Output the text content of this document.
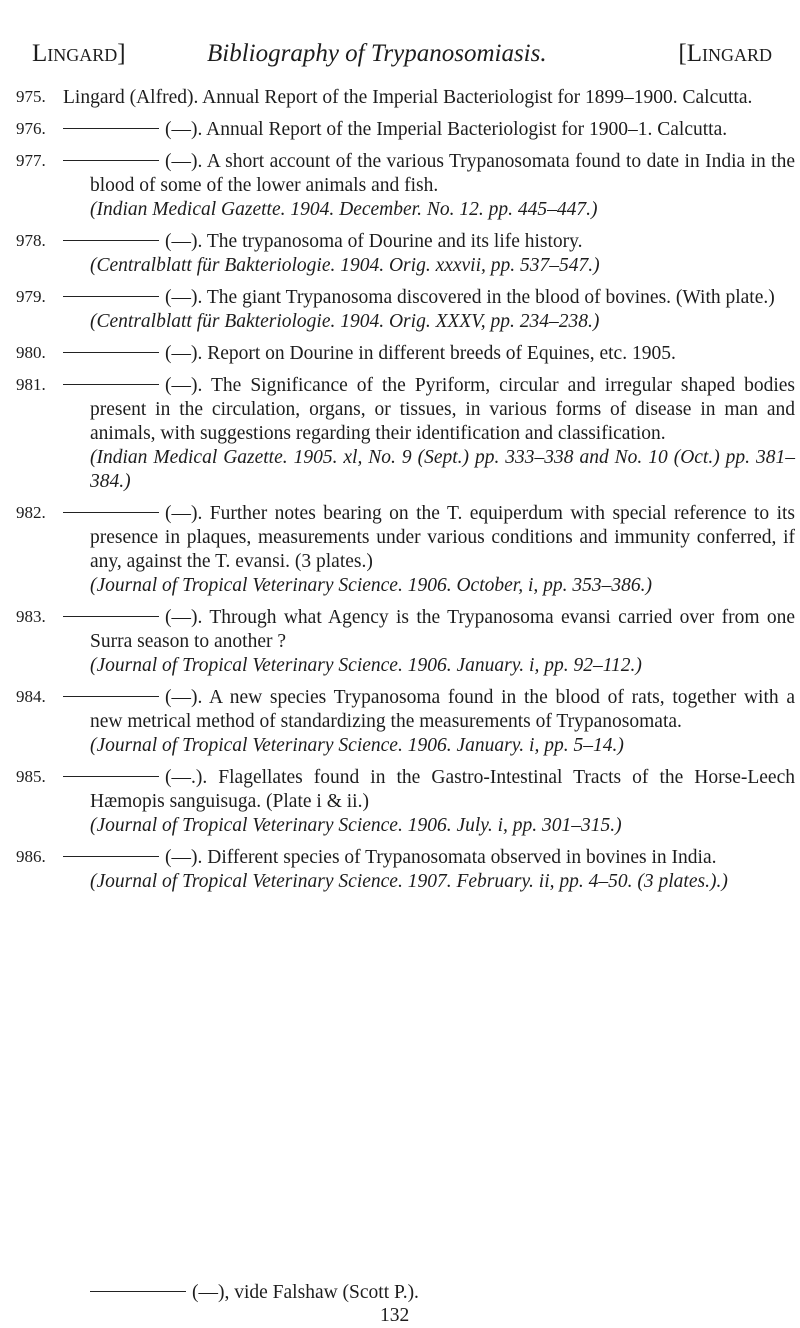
Lingard]	Bibliography of Trypanosomiasis.	[Lingard
975. Lingard (Alfred). Annual Report of the Imperial Bacteriologist for 1899–1900. Calcutta.
976.	(—). Annual Report of the Imperial Bacteriologist for 1900–1. Calcutta.
977.	(—). A short account of the various Trypanosomata found to date in India in the blood of some of the lower animals and fish.
(Indian Medical Gazette. 1904. December. No. 12. pp. 445–447.)
978.	(—). The trypanosoma of Dourine and its life history.
(Centralblatt für Bakteriologie. 1904. Orig. xxxvii, pp. 537–547.)
979.	(—). The giant Trypanosoma discovered in the blood of bovines. (With plate.)
(Centralblatt für Bakteriologie. 1904. Orig. XXXV, pp. 234–238.)
980.	(—). Report on Dourine in different breeds of Equines, etc. 1905.
981.	(—). The Significance of the Pyriform, circular and irregular shaped bodies present in the circulation, organs, or tissues, in various forms of disease in man and animals, with suggestions regarding their identification and classification.
(Indian Medical Gazette. 1905. xl, No. 9 (Sept.) pp. 333–338 and No. 10 (Oct.) pp. 381–384.)
982.	(—). Further notes bearing on the T. equiperdum with special reference to its presence in plaques, measurements under various conditions and immunity conferred, if any, against the T. evansi. (3 plates.)
(Journal of Tropical Veterinary Science. 1906. October, i, pp. 353–386.)
983.	(—). Through what Agency is the Trypanosoma evansi carried over from one Surra season to another ?
(Journal of Tropical Veterinary Science. 1906. January. i, pp. 92–112.)
984.	(—). A new species Trypanosoma found in the blood of rats, together with a new metrical method of standardizing the measurements of Trypanosomata.
(Journal of Tropical Veterinary Science. 1906. January. i, pp. 5–14.)
985.	(—.). Flagellates found in the Gastro-Intestinal Tracts of the Horse-Leech Hæmopis sanguisuga. (Plate i & ii.)
(Journal of Tropical Veterinary Science. 1906. July. i, pp. 301–315.)
986.	(—). Different species of Trypanosomata observed in bovines in India.
(Journal of Tropical Veterinary Science. 1907. February. ii, pp. 4–50. (3 plates.).)
(—), vide Falshaw (Scott P.).
132
